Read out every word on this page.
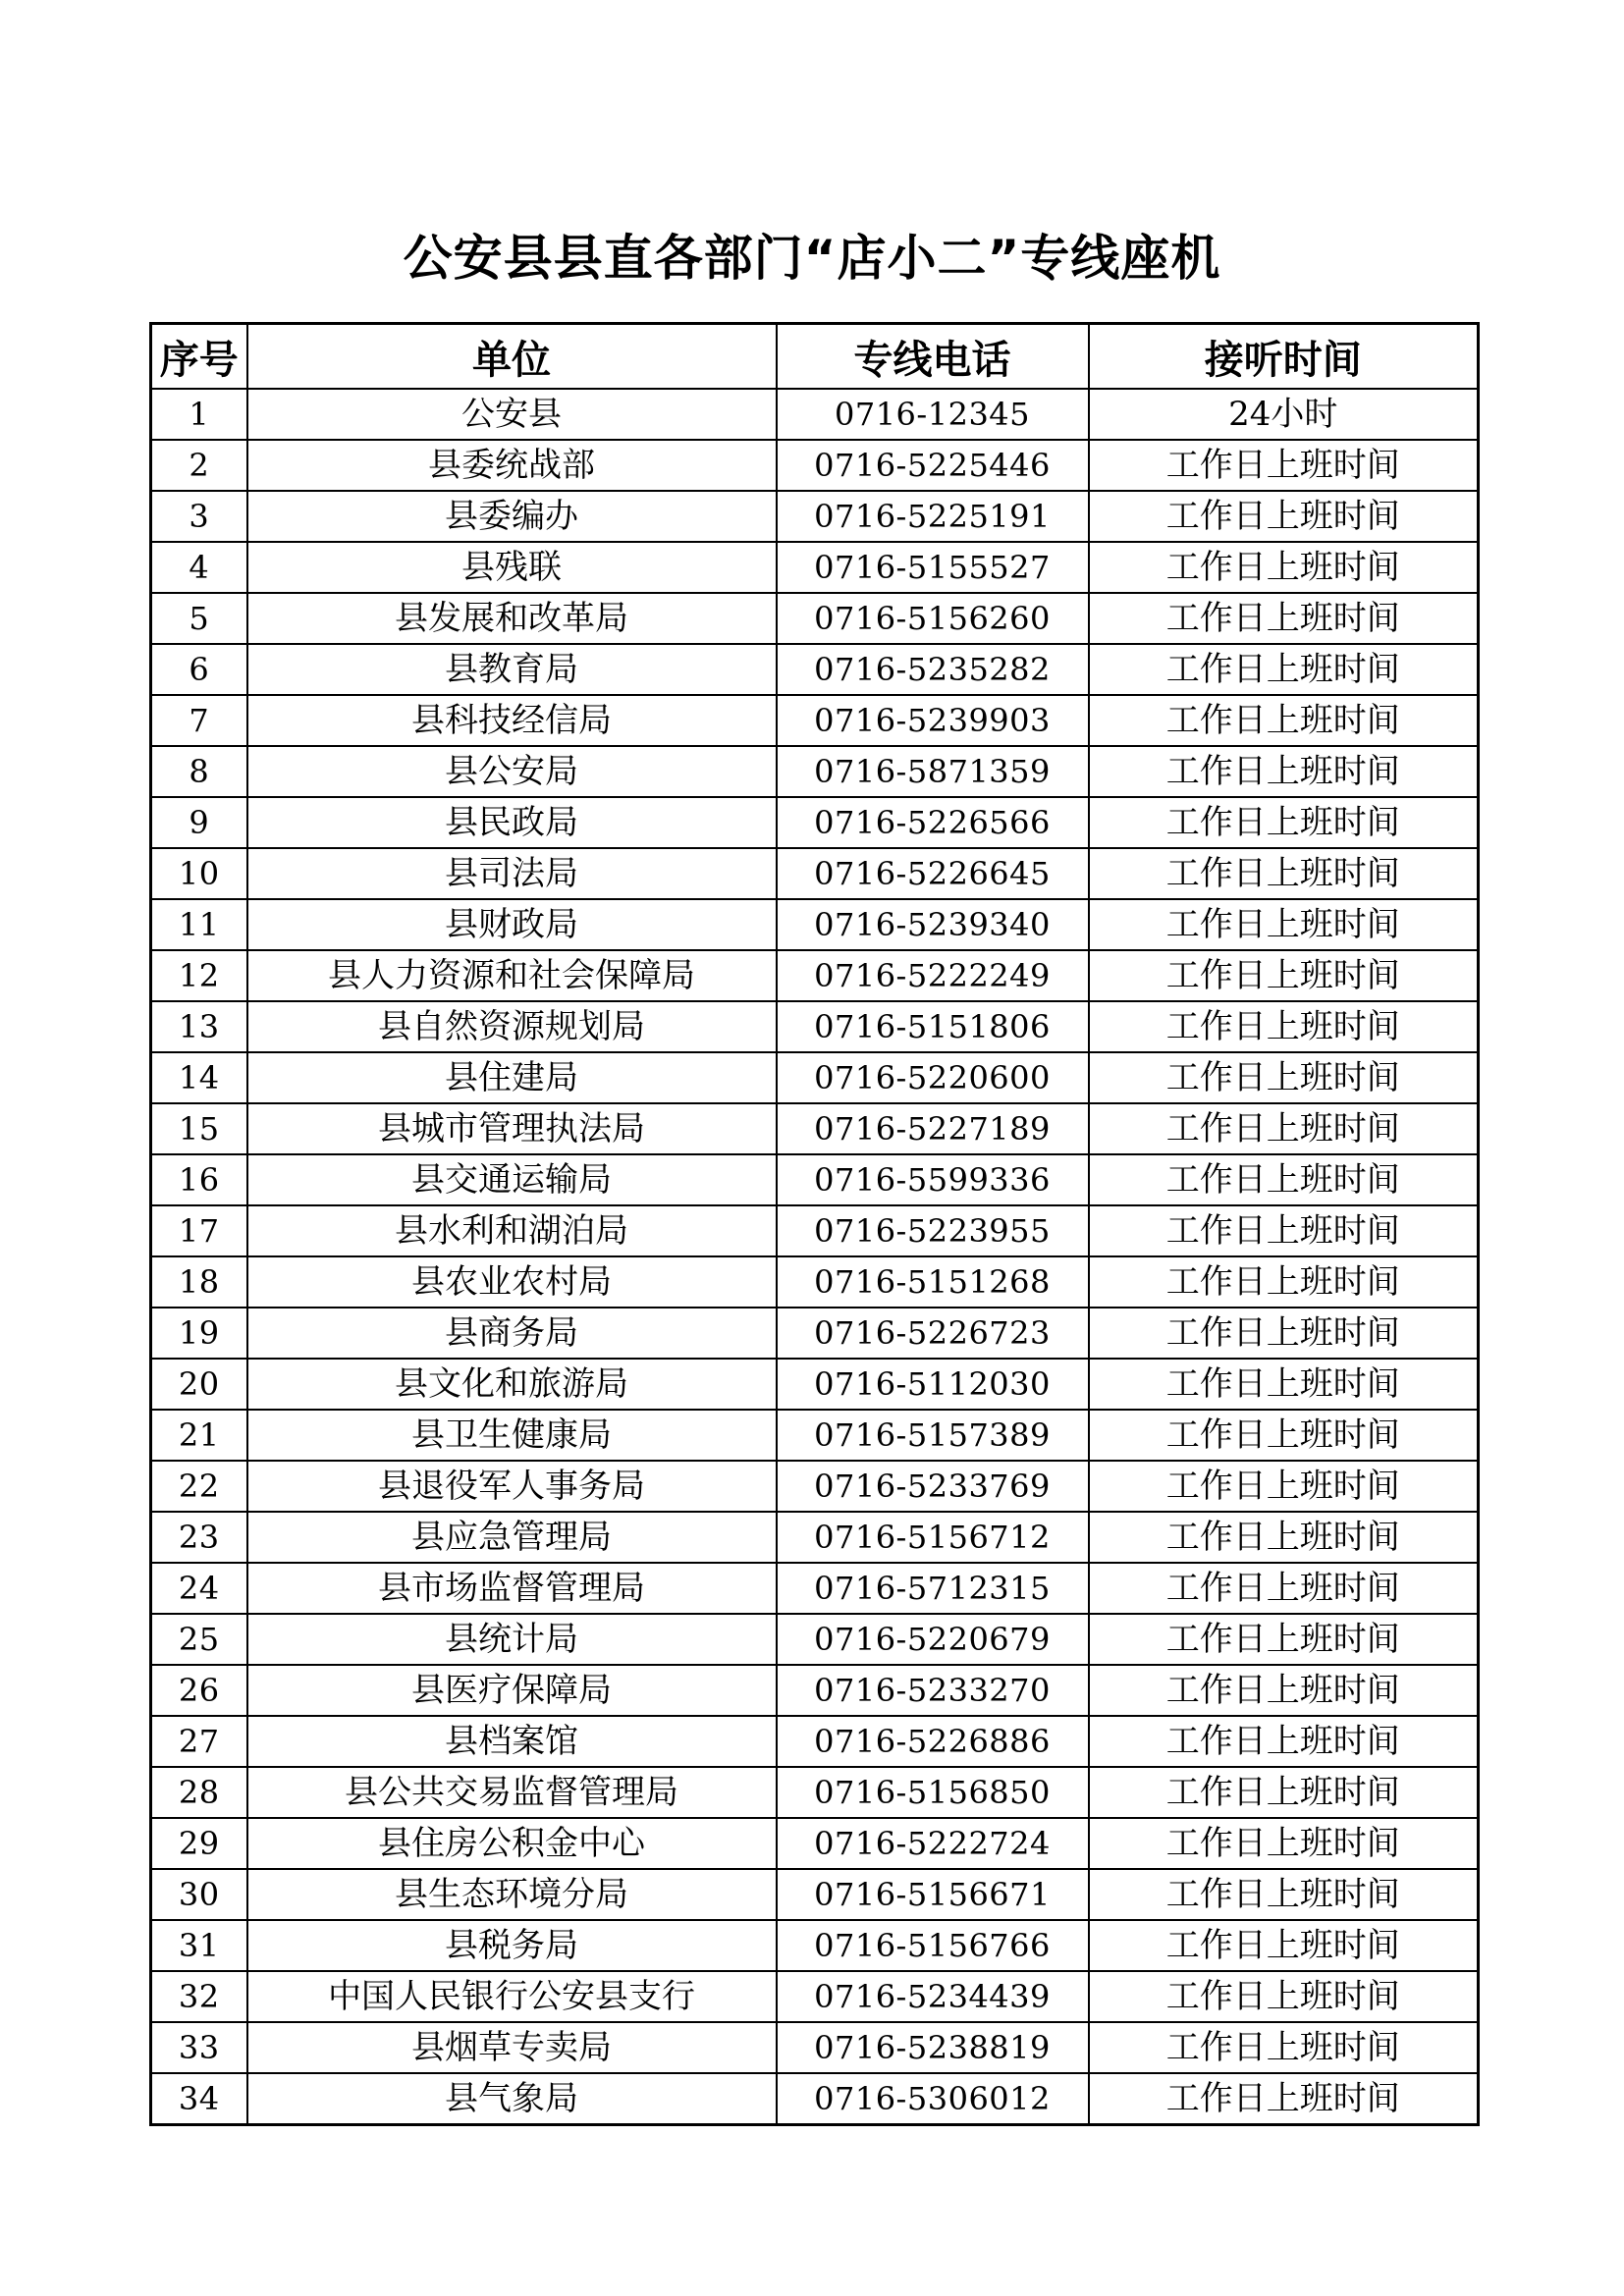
公安县县直各部门“店小二”专线座机
序号	单位	专线电话	接听时间
1	公安县	0716-12345	24小时
2	县委统战部	0716-5225446	工作日上班时间
3	县委编办	0716-5225191	工作日上班时间
4	县残联	0716-5155527	工作日上班时间
5	县发展和改革局	0716-5156260	工作日上班时间
6	县教育局	0716-5235282	工作日上班时间
7	县科技经信局	0716-5239903	工作日上班时间
8	县公安局	0716-5871359	工作日上班时间
9	县民政局	0716-5226566	工作日上班时间
10	县司法局	0716-5226645	工作日上班时间
11	县财政局	0716-5239340	工作日上班时间
12	县人力资源和社会保障局	0716-5222249	工作日上班时间
13	县自然资源规划局	0716-5151806	工作日上班时间
14	县住建局	0716-5220600	工作日上班时间
15	县城市管理执法局	0716-5227189	工作日上班时间
16	县交通运输局	0716-5599336	工作日上班时间
17	县水利和湖泊局	0716-5223955	工作日上班时间
18	县农业农村局	0716-5151268	工作日上班时间
19	县商务局	0716-5226723	工作日上班时间
20	县文化和旅游局	0716-5112030	工作日上班时间
21	县卫生健康局	0716-5157389	工作日上班时间
22	县退役军人事务局	0716-5233769	工作日上班时间
23	县应急管理局	0716-5156712	工作日上班时间
24	县市场监督管理局	0716-5712315	工作日上班时间
25	县统计局	0716-5220679	工作日上班时间
26	县医疗保障局	0716-5233270	工作日上班时间
27	县档案馆	0716-5226886	工作日上班时间
28	县公共交易监督管理局	0716-5156850	工作日上班时间
29	县住房公积金中心	0716-5222724	工作日上班时间
30	县生态环境分局	0716-5156671	工作日上班时间
31	县税务局	0716-5156766	工作日上班时间
32	中国人民银行公安县支行	0716-5234439	工作日上班时间
33	县烟草专卖局	0716-5238819	工作日上班时间
34	县气象局	0716-5306012	工作日上班时间
